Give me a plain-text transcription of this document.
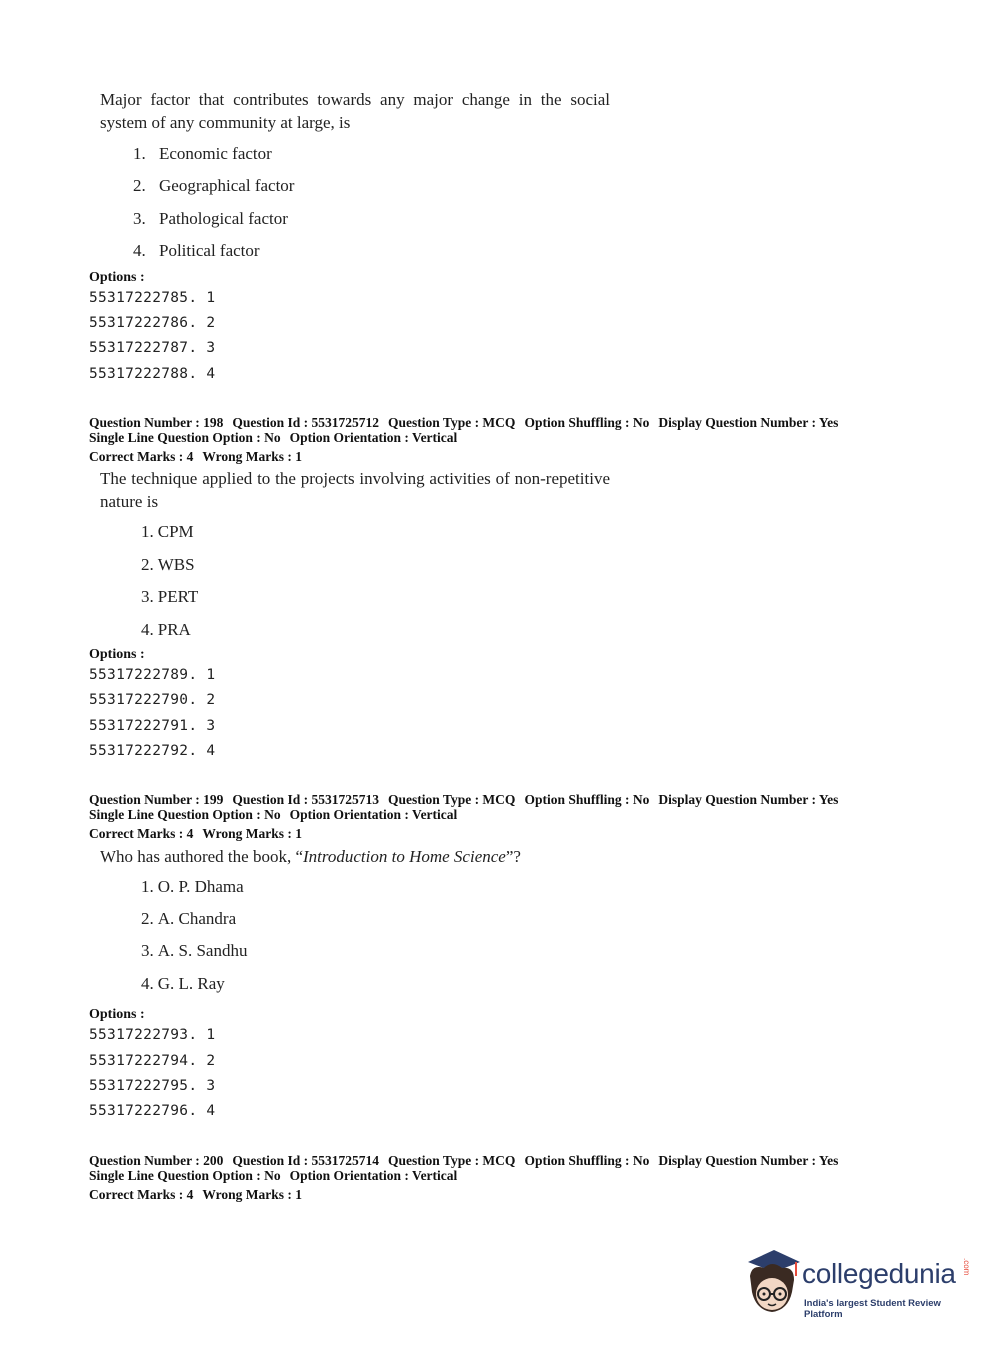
Major factor that contributes towards any major change in the social system of any community at large, is
1. Economic factor
2. Geographical factor
3. Pathological factor
4. Political factor
Options :
55317222785. 1
55317222786. 2
55317222787. 3
55317222788. 4
Question Number : 198 Question Id : 5531725712 Question Type : MCQ Option Shuffling : No Display Question Number : Yes
Single Line Question Option : No Option Orientation : Vertical
Correct Marks : 4 Wrong Marks : 1
The technique applied to the projects involving activities of non-repetitive nature is
1. CPM
2. WBS
3. PERT
4. PRA
Options :
55317222789. 1
55317222790. 2
55317222791. 3
55317222792. 4
Question Number : 199 Question Id : 5531725713 Question Type : MCQ Option Shuffling : No Display Question Number : Yes
Single Line Question Option : No Option Orientation : Vertical
Correct Marks : 4 Wrong Marks : 1
Who has authored the book, “Introduction to Home Science”?
1. O. P. Dhama
2. A. Chandra
3. A. S. Sandhu
4. G. L. Ray
Options :
55317222793. 1
55317222794. 2
55317222795. 3
55317222796. 4
Question Number : 200 Question Id : 5531725714 Question Type : MCQ Option Shuffling : No Display Question Number : Yes
Single Line Question Option : No Option Orientation : Vertical
Correct Marks : 4 Wrong Marks : 1
collegedunia .com
India's largest Student Review Platform
